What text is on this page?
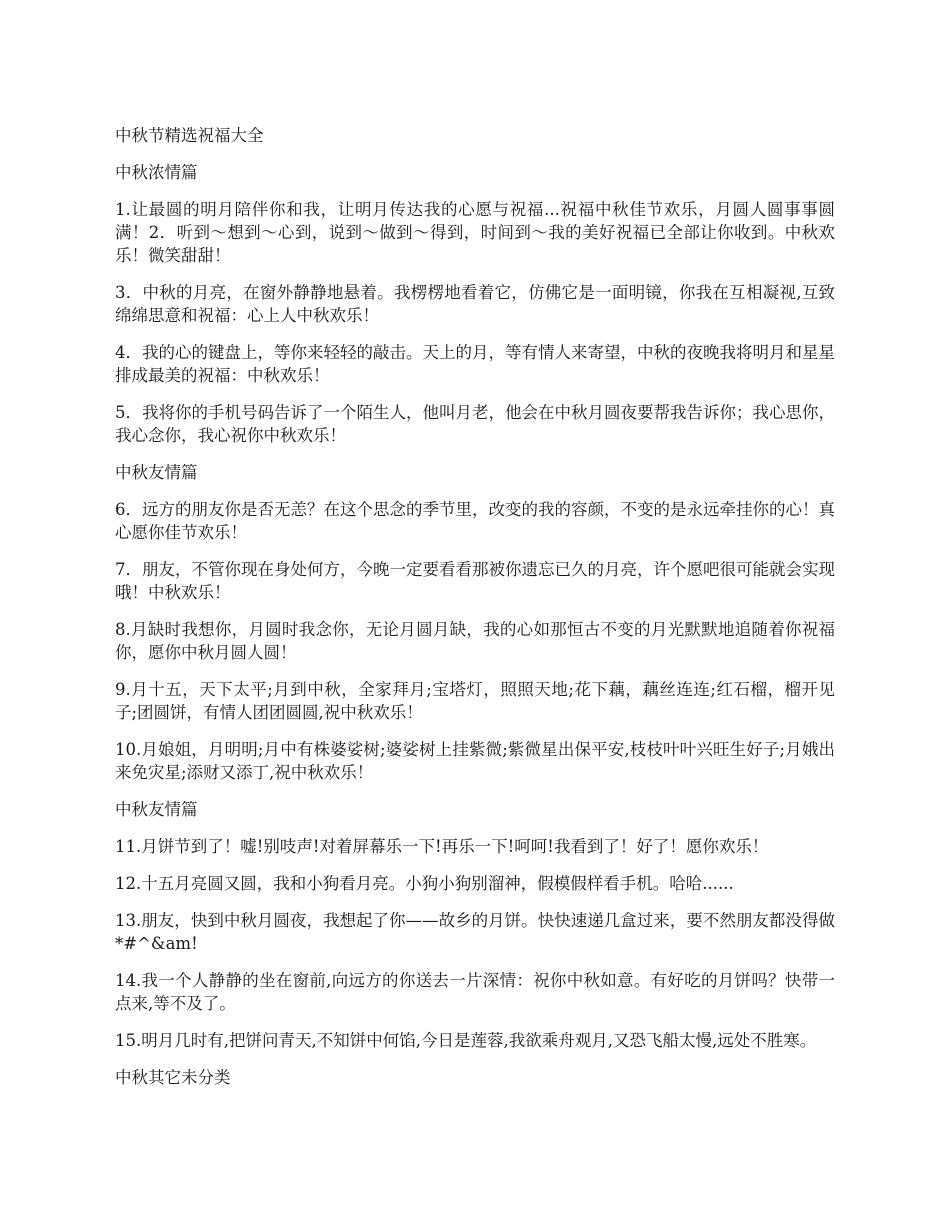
中秋节精选祝福大全
中秋浓情篇
1.让最圆的明月陪伴你和我，让明月传达我的心愿与祝福...祝福中秋佳节欢乐，月圆人圆事事圆满！2．听到～想到～心到，说到～做到～得到，时间到～我的美好祝福已全部让你收到。中秋欢乐！微笑甜甜！
3．中秋的月亮，在窗外静静地悬着。我楞楞地看着它，仿佛它是一面明镜，你我在互相凝视,互致绵绵思意和祝福：心上人中秋欢乐！
4．我的心的键盘上，等你来轻轻的敲击。天上的月，等有情人来寄望，中秋的夜晚我将明月和星星排成最美的祝福：中秋欢乐！
5．我将你的手机号码告诉了一个陌生人，他叫月老，他会在中秋月圆夜要帮我告诉你；我心思你，我心念你，我心祝你中秋欢乐！
中秋友情篇
6．远方的朋友你是否无恙？在这个思念的季节里，改变的我的容颜，不变的是永远牵挂你的心！真心愿你佳节欢乐！
7．朋友，不管你现在身处何方，今晚一定要看看那被你遗忘已久的月亮，许个愿吧很可能就会实现哦！中秋欢乐！
8.月缺时我想你，月圆时我念你，无论月圆月缺，我的心如那恒古不变的月光默默地追随着你祝福你，愿你中秋月圆人圆！
9.月十五，天下太平;月到中秋，全家拜月;宝塔灯，照照天地;花下藕，藕丝连连;红石榴，榴开见子;团圆饼，有情人团团圆圆,祝中秋欢乐！
10.月娘姐，月明明;月中有株婆娑树;婆娑树上挂紫微;紫微星出保平安,枝枝叶叶兴旺生好子;月娥出来免灾星;添财又添丁,祝中秋欢乐！
中秋友情篇
11.月饼节到了！嘘!别吱声!对着屏幕乐一下!再乐一下!呵呵!我看到了！好了！愿你欢乐！
12.十五月亮圆又圆，我和小狗看月亮。小狗小狗别溜神，假模假样看手机。哈哈......
13.朋友，快到中秋月圆夜，我想起了你——故乡的月饼。快快速递几盒过来，要不然朋友都没得做*#^&am!
14.我一个人静静的坐在窗前,向远方的你送去一片深情：祝你中秋如意。有好吃的月饼吗？快带一点来,等不及了。
15.明月几时有,把饼问青天,不知饼中何馅,今日是莲蓉,我欲乘舟观月,又恐飞船太慢,远处不胜寒。
中秋其它未分类
